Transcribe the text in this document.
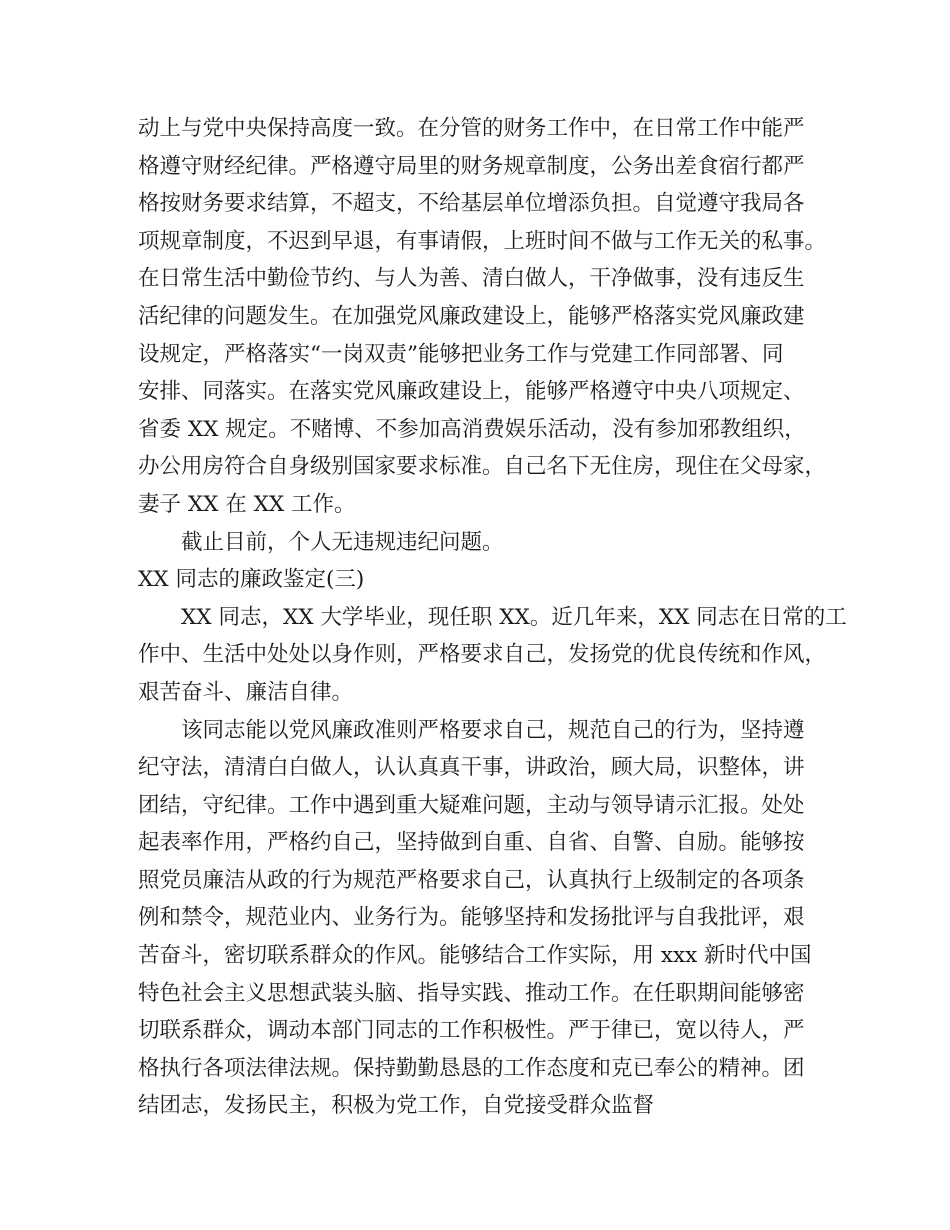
动上与党中央保持高度一致。在分管的财务工作中，在日常工作中能严
格遵守财经纪律。严格遵守局里的财务规章制度，公务出差食宿行都严
格按财务要求结算，不超支，不给基层单位增添负担。自觉遵守我局各
项规章制度，不迟到早退，有事请假，上班时间不做与工作无关的私事。
在日常生活中勤俭节约、与人为善、清白做人，干净做事，没有违反生
活纪律的问题发生。在加强党风廉政建设上，能够严格落实党风廉政建
设规定，严格落实“一岗双责”能够把业务工作与党建工作同部署、同
安排、同落实。在落实党风廉政建设上，能够严格遵守中央八项规定、
省委 XX 规定。不赌博、不参加高消费娱乐活动，没有参加邪教组织，
办公用房符合自身级别国家要求标准。自己名下无住房，现住在父母家，
妻子 XX 在 XX 工作。
截止目前，个人无违规违纪问题。
XX 同志的廉政鉴定(三)
XX 同志，XX 大学毕业，现任职 XX。近几年来，XX 同志在日常的工
作中、生活中处处以身作则，严格要求自己，发扬党的优良传统和作风，
艰苦奋斗、廉洁自律。
该同志能以党风廉政准则严格要求自己，规范自己的行为，坚持遵
纪守法，清清白白做人，认认真真干事，讲政治，顾大局，识整体，讲
团结，守纪律。工作中遇到重大疑难问题，主动与领导请示汇报。处处
起表率作用，严格约自己，坚持做到自重、自省、自警、自励。能够按
照党员廉洁从政的行为规范严格要求自己，认真执行上级制定的各项条
例和禁令，规范业内、业务行为。能够坚持和发扬批评与自我批评，艰
苦奋斗，密切联系群众的作风。能够结合工作实际，用 xxx 新时代中国
特色社会主义思想武装头脑、指导实践、推动工作。在任职期间能够密
切联系群众，调动本部门同志的工作积极性。严于律已，宽以待人，严
格执行各项法律法规。保持勤勤恳恳的工作态度和克已奉公的精神。团
结团志，发扬民主，积极为党工作，自党接受群众监督
